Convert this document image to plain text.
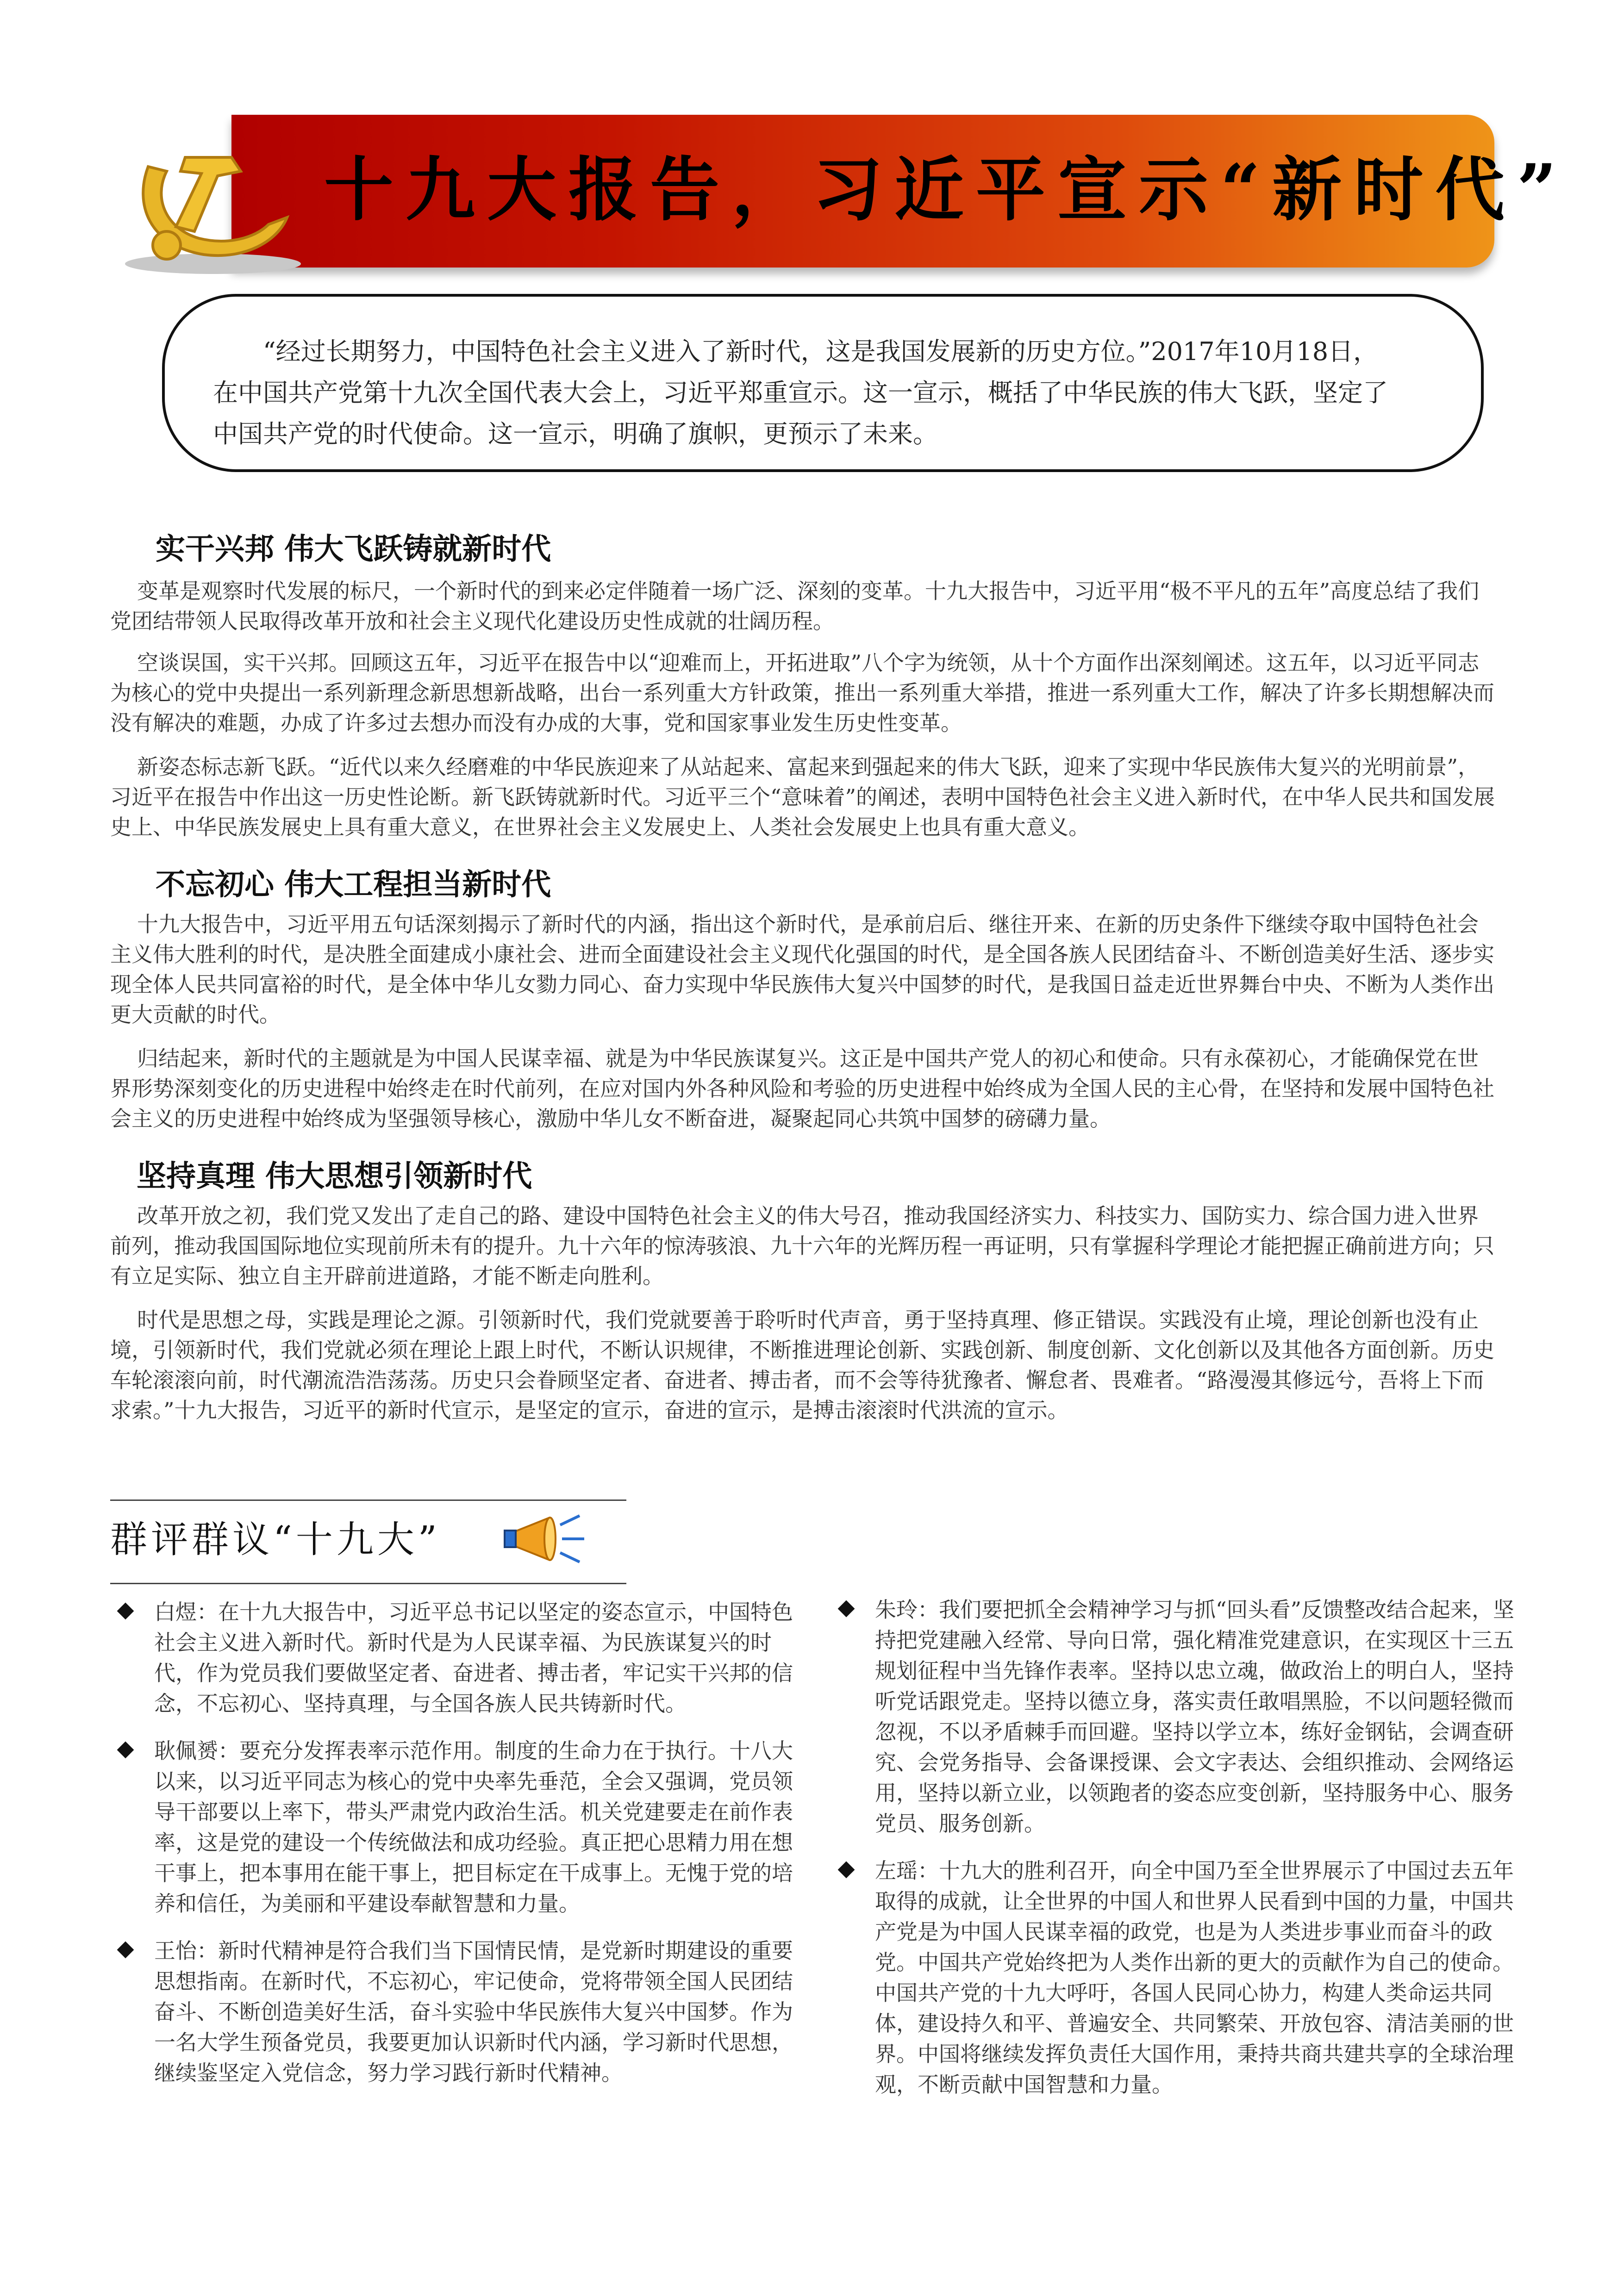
十九大报告，习近平宣示“新时代”
“经过长期努力，中国特色社会主义进入了新时代，这是我国发展新的历史方位。”2017年10月18日，在中国共产党第十九次全国代表大会上，习近平郑重宣示。这一宣示，概括了中华民族的伟大飞跃，坚定了中国共产党的时代使命。这一宣示，明确了旗帜，更预示了未来。
实干兴邦 伟大飞跃铸就新时代
变革是观察时代发展的标尺，一个新时代的到来必定伴随着一场广泛、深刻的变革。十九大报告中，习近平用“极不平凡的五年”高度总结了我们党团结带领人民取得改革开放和社会主义现代化建设历史性成就的壮阔历程。
空谈误国，实干兴邦。回顾这五年，习近平在报告中以“迎难而上，开拓进取”八个字为统领，从十个方面作出深刻阐述。这五年，以习近平同志为核心的党中央提出一系列新理念新思想新战略，出台一系列重大方针政策，推出一系列重大举措，推进一系列重大工作，解决了许多长期想解决而没有解决的难题，办成了许多过去想办而没有办成的大事，党和国家事业发生历史性变革。
新姿态标志新飞跃。“近代以来久经磨难的中华民族迎来了从站起来、富起来到强起来的伟大飞跃，迎来了实现中华民族伟大复兴的光明前景”，习近平在报告中作出这一历史性论断。新飞跃铸就新时代。习近平三个“意味着”的阐述，表明中国特色社会主义进入新时代，在中华人民共和国发展史上、中华民族发展史上具有重大意义，在世界社会主义发展史上、人类社会发展史上也具有重大意义。
不忘初心 伟大工程担当新时代
十九大报告中，习近平用五句话深刻揭示了新时代的内涵，指出这个新时代，是承前启后、继往开来、在新的历史条件下继续夺取中国特色社会主义伟大胜利的时代，是决胜全面建成小康社会、进而全面建设社会主义现代化强国的时代，是全国各族人民团结奋斗、不断创造美好生活、逐步实现全体人民共同富裕的时代，是全体中华儿女勠力同心、奋力实现中华民族伟大复兴中国梦的时代，是我国日益走近世界舞台中央、不断为人类作出更大贡献的时代。
归结起来，新时代的主题就是为中国人民谋幸福、就是为中华民族谋复兴。这正是中国共产党人的初心和使命。只有永葆初心，才能确保党在世界形势深刻变化的历史进程中始终走在时代前列，在应对国内外各种风险和考验的历史进程中始终成为全国人民的主心骨，在坚持和发展中国特色社会主义的历史进程中始终成为坚强领导核心，激励中华儿女不断奋进，凝聚起同心共筑中国梦的磅礴力量。
坚持真理 伟大思想引领新时代
改革开放之初，我们党又发出了走自己的路、建设中国特色社会主义的伟大号召，推动我国经济实力、科技实力、国防实力、综合国力进入世界前列，推动我国国际地位实现前所未有的提升。九十六年的惊涛骇浪、九十六年的光辉历程一再证明，只有掌握科学理论才能把握正确前进方向；只有立足实际、独立自主开辟前进道路，才能不断走向胜利。
时代是思想之母，实践是理论之源。引领新时代，我们党就要善于聆听时代声音，勇于坚持真理、修正错误。实践没有止境，理论创新也没有止境，引领新时代，我们党就必须在理论上跟上时代，不断认识规律，不断推进理论创新、实践创新、制度创新、文化创新以及其他各方面创新。历史车轮滚滚向前，时代潮流浩浩荡荡。历史只会眷顾坚定者、奋进者、搏击者，而不会等待犹豫者、懈怠者、畏难者。“路漫漫其修远兮，吾将上下而求索。”十九大报告，习近平的新时代宣示，是坚定的宣示，奋进的宣示，是搏击滚滚时代洪流的宣示。
群评群议“十九大”
白煜：在十九大报告中，习近平总书记以坚定的姿态宣示，中国特色社会主义进入新时代。新时代是为人民谋幸福、为民族谋复兴的时代，作为党员我们要做坚定者、奋进者、搏击者，牢记实干兴邦的信念，不忘初心、坚持真理，与全国各族人民共铸新时代。
耿佩赟：要充分发挥表率示范作用。制度的生命力在于执行。十八大以来，以习近平同志为核心的党中央率先垂范，全会又强调，党员领导干部要以上率下，带头严肃党内政治生活。机关党建要走在前作表率，这是党的建设一个传统做法和成功经验。真正把心思精力用在想干事上，把本事用在能干事上，把目标定在干成事上。无愧于党的培养和信任，为美丽和平建设奉献智慧和力量。
王怡：新时代精神是符合我们当下国情民情，是党新时期建设的重要思想指南。在新时代，不忘初心，牢记使命，党将带领全国人民团结奋斗、不断创造美好生活，奋斗实验中华民族伟大复兴中国梦。作为一名大学生预备党员，我要更加认识新时代内涵，学习新时代思想，继续鉴坚定入党信念，努力学习践行新时代精神。
朱玲：我们要把抓全会精神学习与抓“回头看”反馈整改结合起来，坚持把党建融入经常、导向日常，强化精准党建意识，在实现区十三五规划征程中当先锋作表率。坚持以忠立魂，做政治上的明白人，坚持听党话跟党走。坚持以德立身，落实责任敢唱黑脸，不以问题轻微而忽视，不以矛盾棘手而回避。坚持以学立本，练好金钢钻，会调查研究、会党务指导、会备课授课、会文字表达、会组织推动、会网络运用，坚持以新立业，以领跑者的姿态应变创新，坚持服务中心、服务党员、服务创新。
左瑶：十九大的胜利召开，向全中国乃至全世界展示了中国过去五年取得的成就，让全世界的中国人和世界人民看到中国的力量，中国共产党是为中国人民谋幸福的政党，也是为人类进步事业而奋斗的政党。中国共产党始终把为人类作出新的更大的贡献作为自己的使命。中国共产党的十九大呼吁，各国人民同心协力，构建人类命运共同体，建设持久和平、普遍安全、共同繁荣、开放包容、清洁美丽的世界。中国将继续发挥负责任大国作用，秉持共商共建共享的全球治理观，不断贡献中国智慧和力量。
